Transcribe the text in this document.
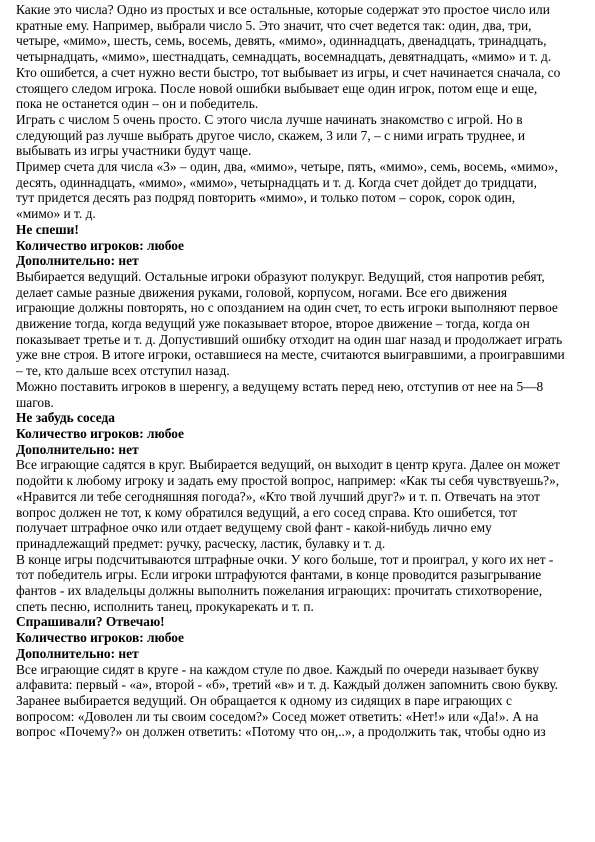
Какие это числа? Одно из простых и все остальные, которые содержат это простое число или
кратные ему. Например, выбрали число 5. Это значит, что счет ведется так: один, два, три,
четыре, «мимо», шесть, семь, восемь, девять, «мимо», одиннадцать, двенадцать, тринадцать,
четырнадцать, «мимо», шестнадцать, семнадцать, восемнадцать, девятнадцать, «мимо» и т. д.
Кто ошибется, а счет нужно вести быстро, тот выбывает из игры, и счет начинается сначала, со
стоящего следом игрока. После новой ошибки выбывает еще один игрок, потом еще и еще,
пока не останется один – он и победитель.
Играть с числом 5 очень просто. С этого числа лучше начинать знакомство с игрой. Но в
следующий раз лучше выбрать другое число, скажем, 3 или 7, – с ними играть труднее, и
выбывать из игры участники будут чаще.
Пример счета для числа «3» – один, два, «мимо», четыре, пять, «мимо», семь, восемь, «мимо»,
десять, одиннадцать, «мимо», «мимо», четырнадцать и т. д. Когда счет дойдет до тридцати,
тут придется десять раз подряд повторить «мимо», и только потом – сорок, сорок один,
«мимо» и т. д.
Не спеши!
Количество игроков: любое
Дополнительно: нет
Выбирается ведущий. Остальные игроки образуют полукруг. Ведущий, стоя напротив ребят,
делает самые разные движения руками, головой, корпусом, ногами. Все его движения
играющие должны повторять, но с опозданием на один счет, то есть игроки выполняют первое
движение тогда, когда ведущий уже показывает второе, второе движение – тогда, когда он
показывает третье и т. д. Допустивший ошибку отходит на один шаг назад и продолжает играть
уже вне строя. В итоге игроки, оставшиеся на месте, считаются выигравшими, а проигравшими
– те, кто дальше всех отступил назад.
Можно поставить игроков в шеренгу, а ведущему встать перед нею, отступив от нее на 5—8
шагов.
Не забудь соседа
Количество игроков: любое
Дополнительно: нет
Все играющие садятся в круг. Выбирается ведущий, он выходит в центр круга. Далее он может
подойти к любому игроку и задать ему простой вопрос, например: «Как ты себя чувствуешь?»,
«Нравится ли тебе сегодняшняя погода?», «Кто твой лучший друг?» и т. п. Отвечать на этот
вопрос должен не тот, к кому обратился ведущий, а его сосед справа. Кто ошибется, тот
получает штрафное очко или отдает ведущему свой фант - какой-нибудь лично ему
принадлежащий предмет: ручку, расческу, ластик, булавку и т. д.
В конце игры подсчитываются штрафные очки. У кого больше, тот и проиграл, у кого их нет -
тот победитель игры. Если игроки штрафуются фантами, в конце проводится разыгрывание
фантов - их владельцы должны выполнить пожелания играющих: прочитать стихотворение,
спеть песню, исполнить танец, прокукарекать и т. п.
Спрашивали? Отвечаю!
Количество игроков: любое
Дополнительно: нет
Все играющие сидят в круге - на каждом стуле по двое. Каждый по очереди называет букву
алфавита: первый - «а», второй - «б», третий «в» и т. д. Каждый должен запомнить свою букву.
Заранее выбирается ведущий. Он обращается к одному из сидящих в паре играющих с
вопросом: «Доволен ли ты своим соседом?» Сосед может ответить: «Нет!» или «Да!». А на
вопрос «Почему?» он должен ответить: «Потому что он,..», а продолжить так, чтобы одно из
